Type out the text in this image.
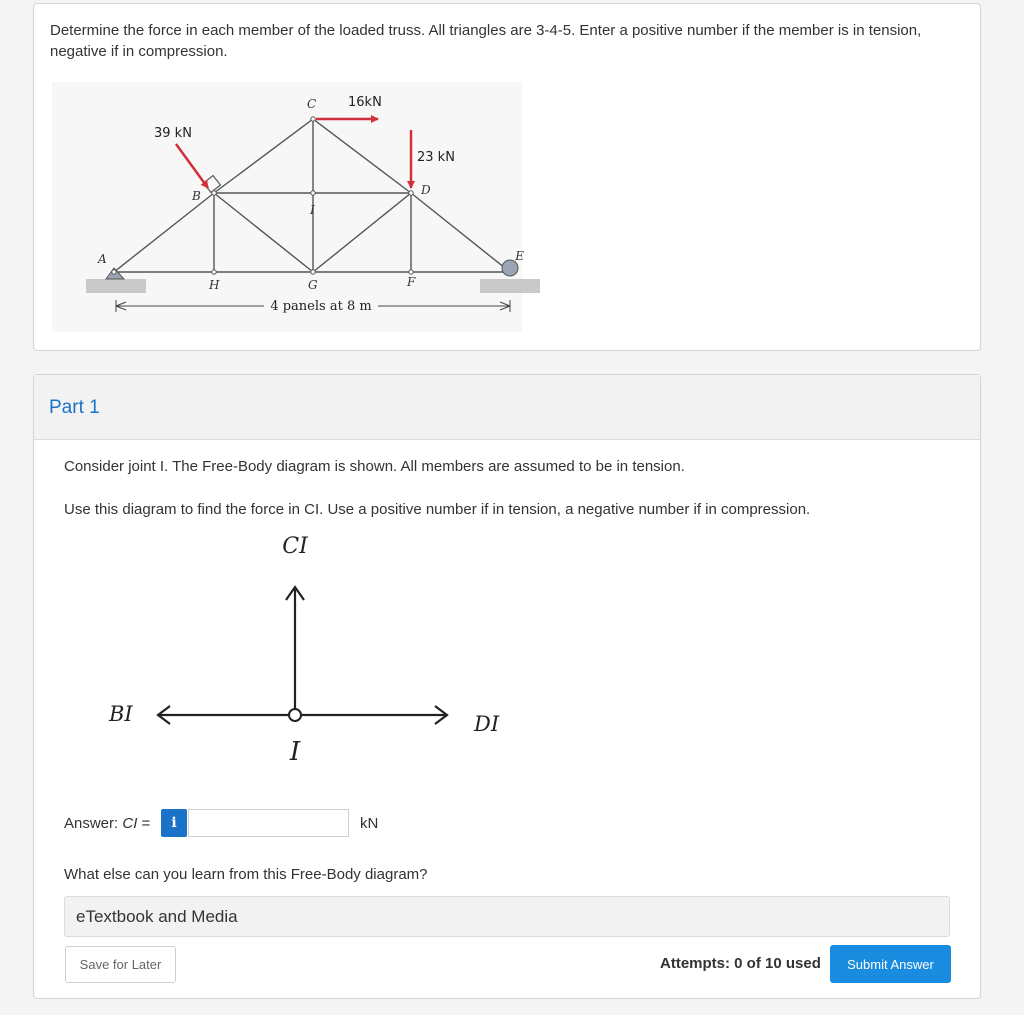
Determine the force in each member of the loaded truss. All triangles are 3-4-5. Enter a positive number if the member is in tension, negative if in compression.

16kN
39 kN
23 kN
A
B
C
D
E
F
G
H
I
4 panels at 8 m
Part 1

Consider joint I. The Free-Body diagram is shown. All members are assumed to be in tension.

Use this diagram to find the force in CI. Use a positive number if in tension, a negative number if in compression.

CI
BI	DI
I
Answer: CI =	i	kN

What else can you learn from this Free-Body diagram?

eTextbook and Media
Save for Later	Attempts: 0 of 10 used	Submit Answer
